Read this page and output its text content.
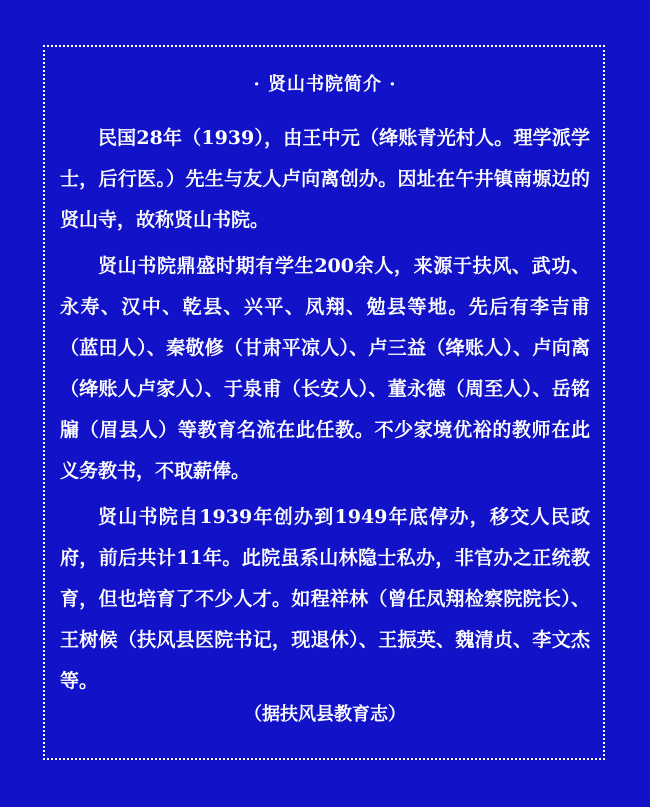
· 贤山书院简介 ·

民国28年（1939），由王中元（绛账青光村人。理学派学士，后行医。）先生与友人卢向离创办。因址在午井镇南塬边的贤山寺，故称贤山书院。

贤山书院鼎盛时期有学生200余人，来源于扶风、武功、永寿、汉中、乾县、兴平、凤翔、勉县等地。先后有李吉甫（蓝田人）、秦敬修（甘肃平凉人）、卢三益（绛账人）、卢向离（绛账人卢家人）、于泉甫（长安人）、董永德（周至人）、岳铭牖（眉县人）等教育名流在此任教。不少家境优裕的教师在此义务教书，不取薪俸。

贤山书院自1939年创办到1949年底停办，移交人民政府，前后共计11年。此院虽系山林隐士私办，非官办之正统教育，但也培育了不少人才。如程祥林（曾任凤翔检察院院长）、王树候（扶风县医院书记，现退休）、王振英、魏清贞、李文杰等。

（据扶风县教育志）
